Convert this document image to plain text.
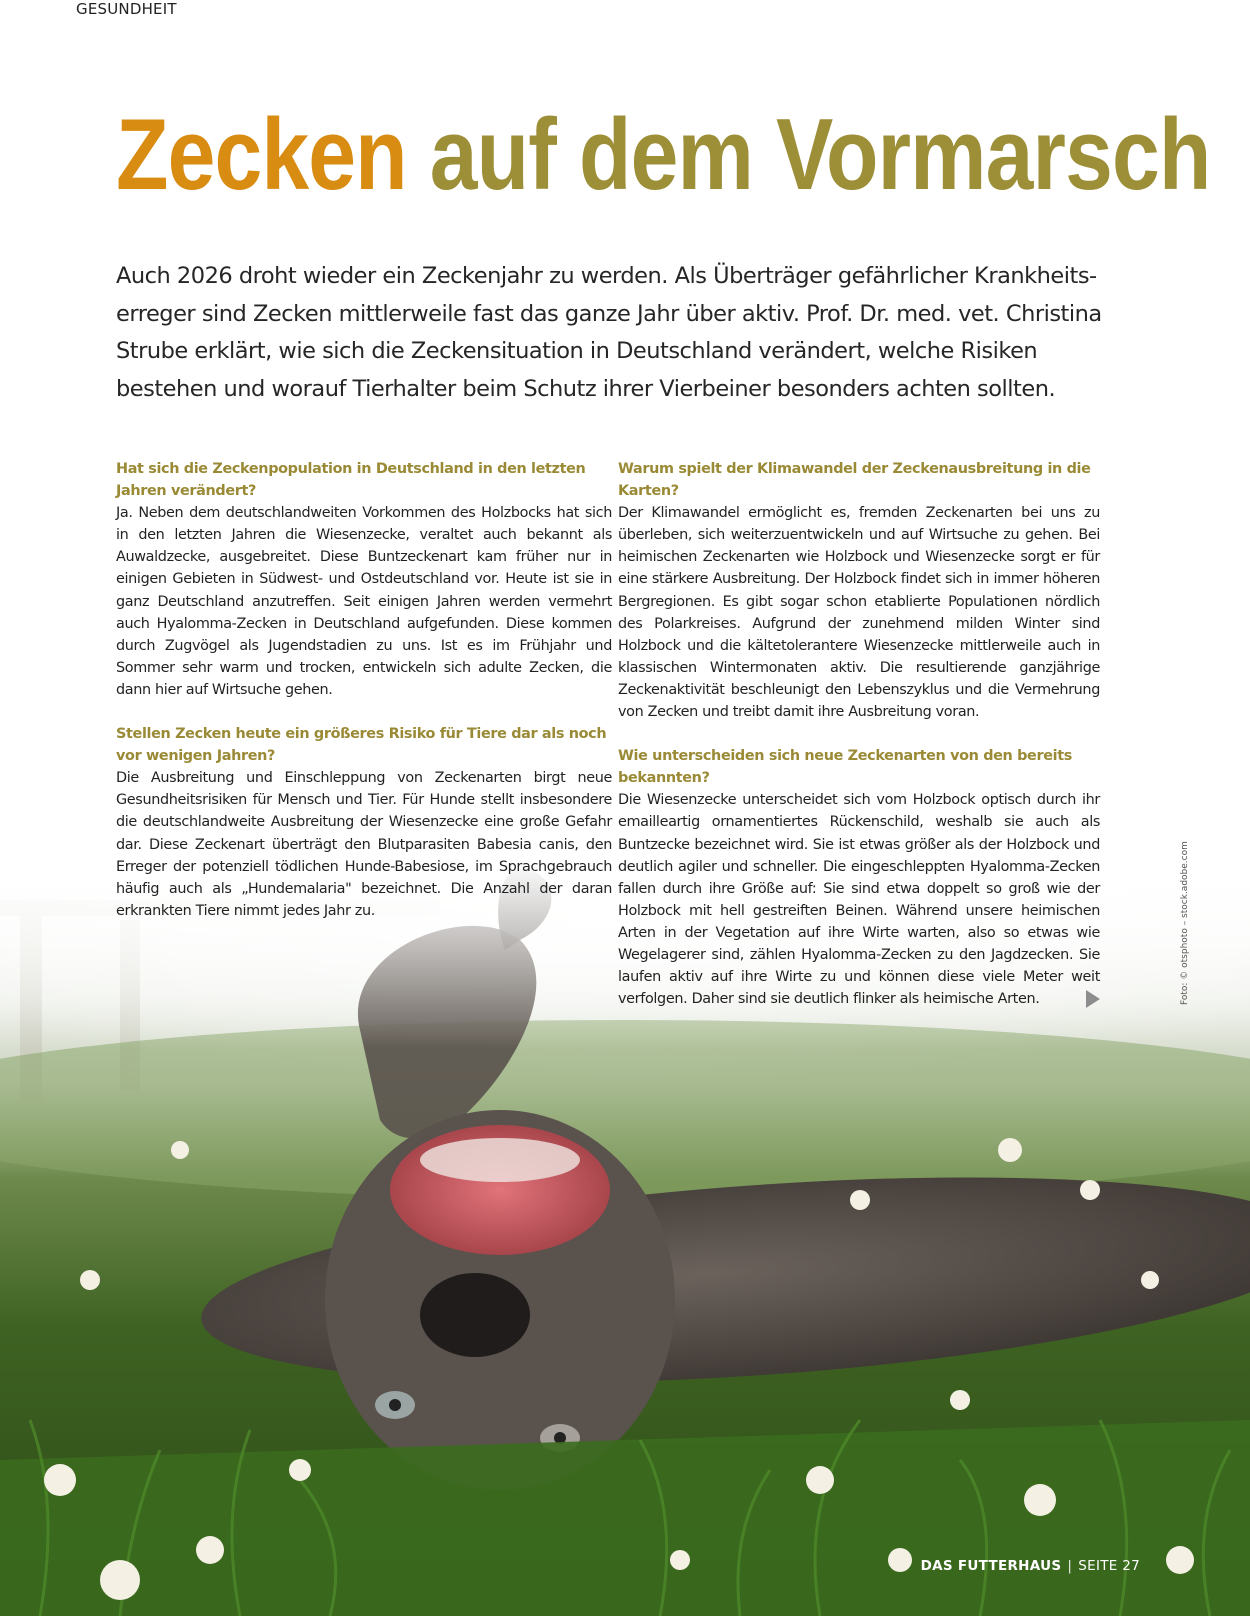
GESUNDHEIT
Zecken auf dem Vormarsch

Auch 2026 droht wieder ein Zeckenjahr zu werden. Als Überträger gefährlicher Krankheitserreger sind Zecken mittlerweile fast das ganze Jahr über aktiv. Prof. Dr. med. vet. Christina Strube erklärt, wie sich die Zeckensituation in Deutschland verändert, welche Risiken bestehen und worauf Tierhalter beim Schutz ihrer Vierbeiner besonders achten sollten.

Hat sich die Zeckenpopulation in Deutschland in den letzten Jahren verändert?

Ja. Neben dem deutschlandweiten Vorkommen des Holzbocks hat sich in den letzten Jahren die Wiesenzecke, veraltet auch bekannt als Auwaldzecke, ausgebreitet. Diese Buntzeckenart kam früher nur in einigen Gebieten in Südwest- und Ostdeutschland vor. Heute ist sie in ganz Deutschland anzutreffen. Seit einigen Jahren werden vermehrt auch Hyalomma-Zecken in Deutschland aufgefunden. Diese kommen durch Zugvögel als Jugendstadien zu uns. Ist es im Frühjahr und Sommer sehr warm und trocken, entwickeln sich adulte Zecken, die dann hier auf Wirtsuche gehen.

Stellen Zecken heute ein größeres Risiko für Tiere dar als noch vor wenigen Jahren?

Die Ausbreitung und Einschleppung von Zeckenarten birgt neue Gesundheitsrisiken für Mensch und Tier. Für Hunde stellt insbesondere die deutschlandweite Ausbreitung der Wiesenzecke eine große Gefahr dar. Diese Zeckenart überträgt den Blutparasiten Babesia canis, den Erreger der potenziell tödlichen Hunde-Babesiose, im Sprachgebrauch häufig auch als „Hundemalaria" bezeichnet. Die Anzahl der daran erkrankten Tiere nimmt jedes Jahr zu.

Warum spielt der Klimawandel der Zeckenausbreitung in die Karten?

Der Klimawandel ermöglicht es, fremden Zeckenarten bei uns zu überleben, sich weiterzuentwickeln und auf Wirtsuche zu gehen. Bei heimischen Zeckenarten wie Holzbock und Wiesenzecke sorgt er für eine stärkere Ausbreitung. Der Holzbock findet sich in immer höheren Bergregionen. Es gibt sogar schon etablierte Populationen nördlich des Polarkreises. Aufgrund der zunehmend milden Winter sind Holzbock und die kältetolerantere Wiesenzecke mittlerweile auch in klassischen Wintermonaten aktiv. Die resultierende ganzjährige Zeckenaktivität beschleunigt den Lebenszyklus und die Vermehrung von Zecken und treibt damit ihre Ausbreitung voran.

Wie unterscheiden sich neue Zeckenarten von den bereits bekannten?

Die Wiesenzecke unterscheidet sich vom Holzbock optisch durch ihr emailleartig ornamentiertes Rückenschild, weshalb sie auch als Buntzecke bezeichnet wird. Sie ist etwas größer als der Holzbock und deutlich agiler und schneller. Die eingeschleppten Hyalomma-Zecken fallen durch ihre Größe auf: Sie sind etwa doppelt so groß wie der Holzbock mit hell gestreiften Beinen. Während unsere heimischen Arten in der Vegetation auf ihre Wirte warten, also so etwas wie Wegelagerer sind, zählen Hyalomma-Zecken zu den Jagdzecken. Sie laufen aktiv auf ihre Wirte zu und können diese viele Meter weit verfolgen. Daher sind sie deutlich flinker als heimische Arten.	Foto: © otsphoto – stock.adobe.com
DAS FUTTERHAUS | SEITE 27
